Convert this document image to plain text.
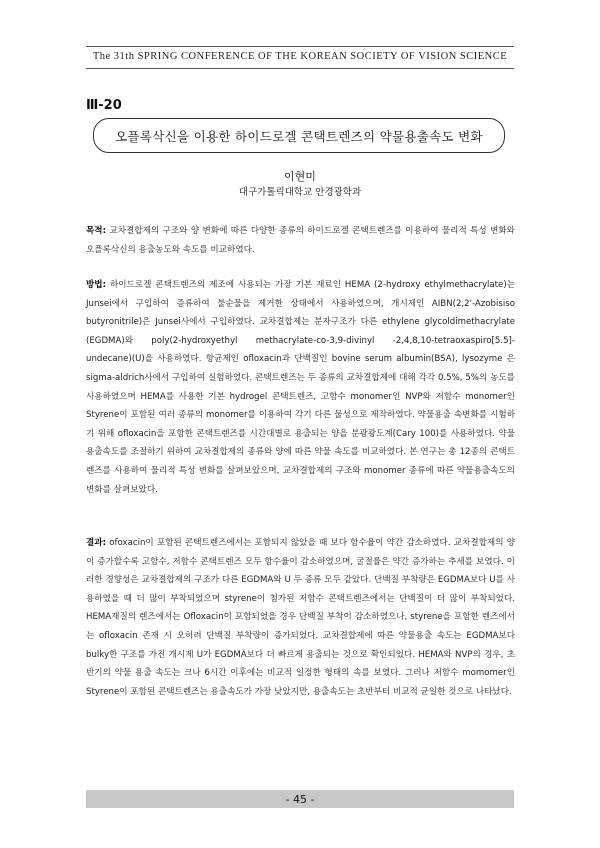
The 31th SPRING CONFERENCE OF THE KOREAN SOCIETY OF VISION SCIENCE
Ⅲ-20
오플록삭신을 이용한 하이드로겔 콘택트렌즈의 약물용출속도 변화
이현미
대구가톨릭대학교 안경광학과
목적: 교차결합제의 구조와 양 변화에 따른 다양한 종류의 하이드로겔 콘택트렌즈를 이용하여 물리적 특성 변화와 오플록삭신의 용출농도와 속도를 비교하였다.
방법: 하이드로겔 콘택트렌즈의 제조에 사용되는 가장 기본 재료인 HEMA (2-hydroxy ethylmethacrylate)는 Junsei에서 구입하여 증류하여 불순물을 제거한 상태에서 사용하였으며, 개시제인 AIBN(2,2'-Azobisiso butyronitrile)은 Junsei사에서 구입하였다. 교차결합제는 분자구조가 다른 ethylene glycoldimethacrylate (EGDMA)와 poly(2-hydroxyethyl methacrylate-co-3,9-divinyl -2,4,8,10-tetraoxaspiro[5.5]- undecane)(U)을 사용하였다. 항균제인 ofloxacin과 단백질인 bovine serum albumin(BSA), lysozyme 은 sigma-aldrich사에서 구입하여 실험하였다. 콘택트렌즈는 두 종류의 교차결합제에 대해 각각 0.5%, 5%의 농도를 사용하였으며 HEMA를 사용한 기본 hydrogel 콘택트렌즈, 고함수 monomer인 NVP와 저함수 monomer인 Styrene이 포함된 여러 종류의 monomer를 이용하여 각기 다른 물성으로 제작하였다. 약물용출 속변화를 시험하기 위해 ofloxacin을 포함한 콘택트렌즈를 시간대별로 용출되는 양을 분광광도계(Cary 100)를 사용하였다. 약물용출속도를 조절하기 위하여 교차결합제의 종류와 양에 따른 약물 속도를 비교하였다. 본 연구는 총 12종의 콘택트렌즈를 사용하여 물리적 특성 변화를 살펴보았으며, 교차결합제의 구조와 monomer 종류에 따른 약물용출속도의 변화를 살펴보았다.
결과: ofoxacin이 포함된 콘택트렌즈에서는 포함되지 않았을 때 보다 함수율이 약간 감소하였다. 교차결합제의 양이 증가할수록 고함수, 저함수 콘택트렌즈 모두 함수율이 감소하였으며, 굴절률은 약간 증가하는 추세를 보였다. 이러한 경향성은 교차결합제의 구조가 다른 EGDMA와 U 두 종류 모두 같았다. 단백질 부착량은 EGDMA보다 U를 사용하였을 때 더 많이 부착되었으며 styrene이 첨가된 저함수 콘택트렌즈에서는 단백질이 더 많이 부착되었다. HEMA재질의 렌즈에서는 Ofloxacin이 포함되었을 경우 단백질 부착이 감소하였으나, styrene을 포함한 렌즈에서는 ofloxacin 존재 시 오히려 단백질 부착량이 증가되었다. 교차결합제에 따른 약물용출 속도는 EGDMA보다 bulky한 구조를 가진 개시제 U가 EGDMA보다 더 빠르게 용출되는 것으로 확인되었다. HEMA와 NVP의 경우, 초반기의 약물 용출 속도는 크나 6시간 이후에는 비교적 일정한 형태의 속를 보였다. 그러나 저함수 momomer인 Styrene이 포함된 콘택트렌즈는 용출속도가 가장 낮았지만, 용출속도는 초반부터 비교적 균일한 것으로 나타났다.
- 45 -
